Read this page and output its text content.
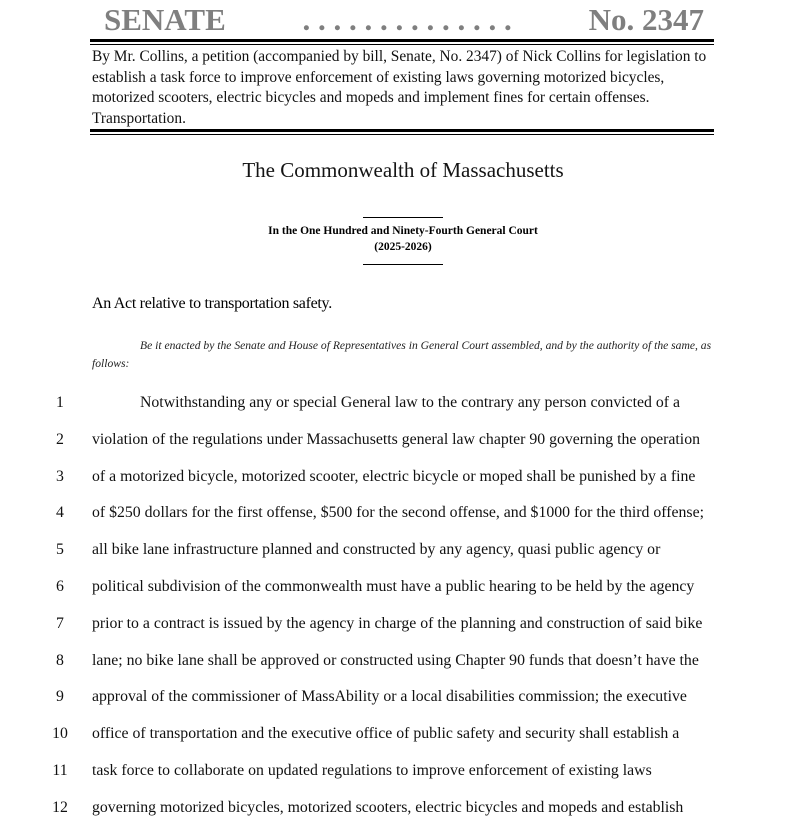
SENATE	. . . . . . . . . . . . . .	No. 2347
By Mr. Collins, a petition (accompanied by bill, Senate, No. 2347) of Nick Collins for legislation to establish a task force to improve enforcement of existing laws governing motorized bicycles, motorized scooters, electric bicycles and mopeds and implement fines for certain offenses. Transportation.
The Commonwealth of Massachusetts
In the One Hundred and Ninety-Fourth General Court
(2025-2026)
An Act relative to transportation safety.
Be it enacted by the Senate and House of Representatives in General Court assembled, and by the authority of the same, as follows:
1	Notwithstanding any or special General law to the contrary any person convicted of a
2	violation of the regulations under Massachusetts general law chapter 90 governing the operation
3	of a motorized bicycle, motorized scooter, electric bicycle or moped shall be punished by a fine
4	of $250 dollars for the first offense, $500 for the second offense, and $1000 for the third offense;
5	all bike lane infrastructure planned and constructed by any agency, quasi public agency or
6	political subdivision of the commonwealth must have a public hearing to be held by the agency
7	prior to a contract is issued by the agency in charge of the planning and construction of said bike
8	lane; no bike lane shall be approved or constructed using Chapter 90 funds that doesn’t have the
9	approval of the commissioner of MassAbility or a local disabilities commission; the executive
10	office of transportation and the executive office of public safety and security shall establish a
11	task force to collaborate on updated regulations to improve enforcement of existing laws
12	governing motorized bicycles, motorized scooters, electric bicycles and mopeds and establish
